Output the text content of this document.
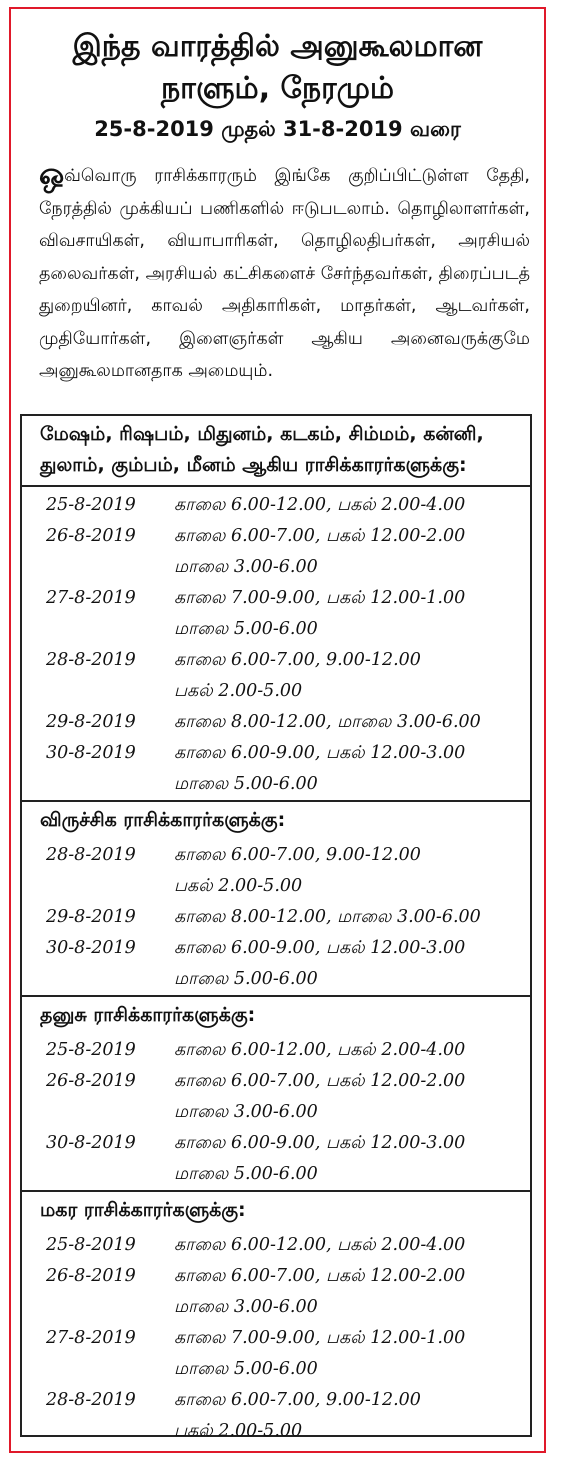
இந்த வாரத்தில் அனுகூலமான
நாளும், நேரமும்
25-8-2019 முதல் 31-8-2019 வரை
ஒவ்வொரு ராசிக்காரரும் இங்கே குறிப்பிட்டுள்ள தேதி, நேரத்தில் முக்கியப் பணிகளில் ஈடுபடலாம். தொழிலாளர்கள், விவசாயிகள், வியாபாரிகள், தொழிலதிபர்கள், அரசியல் தலைவர்கள், அரசியல் கட்சிகளைச் சேர்ந்தவர்கள், திரைப்படத் துறையினர், காவல் அதிகாரிகள், மாதர்கள், ஆடவர்கள், முதியோர்கள், இளைஞர்கள் ஆகிய அனைவருக்குமே அனுகூலமானதாக அமையும்.
மேஷம், ரிஷபம், மிதுனம், கடகம், சிம்மம், கன்னி, துலாம், கும்பம், மீனம் ஆகிய ராசிக்காரர்களுக்கு:
25-8-2019	காலை 6.00-12.00, பகல் 2.00-4.00
26-8-2019	காலை 6.00-7.00, பகல் 12.00-2.00
மாலை 3.00-6.00
27-8-2019	காலை 7.00-9.00, பகல் 12.00-1.00
மாலை 5.00-6.00
28-8-2019	காலை 6.00-7.00, 9.00-12.00
பகல் 2.00-5.00
29-8-2019	காலை 8.00-12.00, மாலை 3.00-6.00
30-8-2019	காலை 6.00-9.00, பகல் 12.00-3.00
மாலை 5.00-6.00
விருச்சிக ராசிக்காரர்களுக்கு:
28-8-2019	காலை 6.00-7.00, 9.00-12.00
பகல் 2.00-5.00
29-8-2019	காலை 8.00-12.00, மாலை 3.00-6.00
30-8-2019	காலை 6.00-9.00, பகல் 12.00-3.00
மாலை 5.00-6.00
தனுசு ராசிக்காரர்களுக்கு:
25-8-2019	காலை 6.00-12.00, பகல் 2.00-4.00
26-8-2019	காலை 6.00-7.00, பகல் 12.00-2.00
மாலை 3.00-6.00
30-8-2019	காலை 6.00-9.00, பகல் 12.00-3.00
மாலை 5.00-6.00
மகர ராசிக்காரர்களுக்கு:
25-8-2019	காலை 6.00-12.00, பகல் 2.00-4.00
26-8-2019	காலை 6.00-7.00, பகல் 12.00-2.00
மாலை 3.00-6.00
27-8-2019	காலை 7.00-9.00, பகல் 12.00-1.00
மாலை 5.00-6.00
28-8-2019	காலை 6.00-7.00, 9.00-12.00
பகல் 2.00-5.00
